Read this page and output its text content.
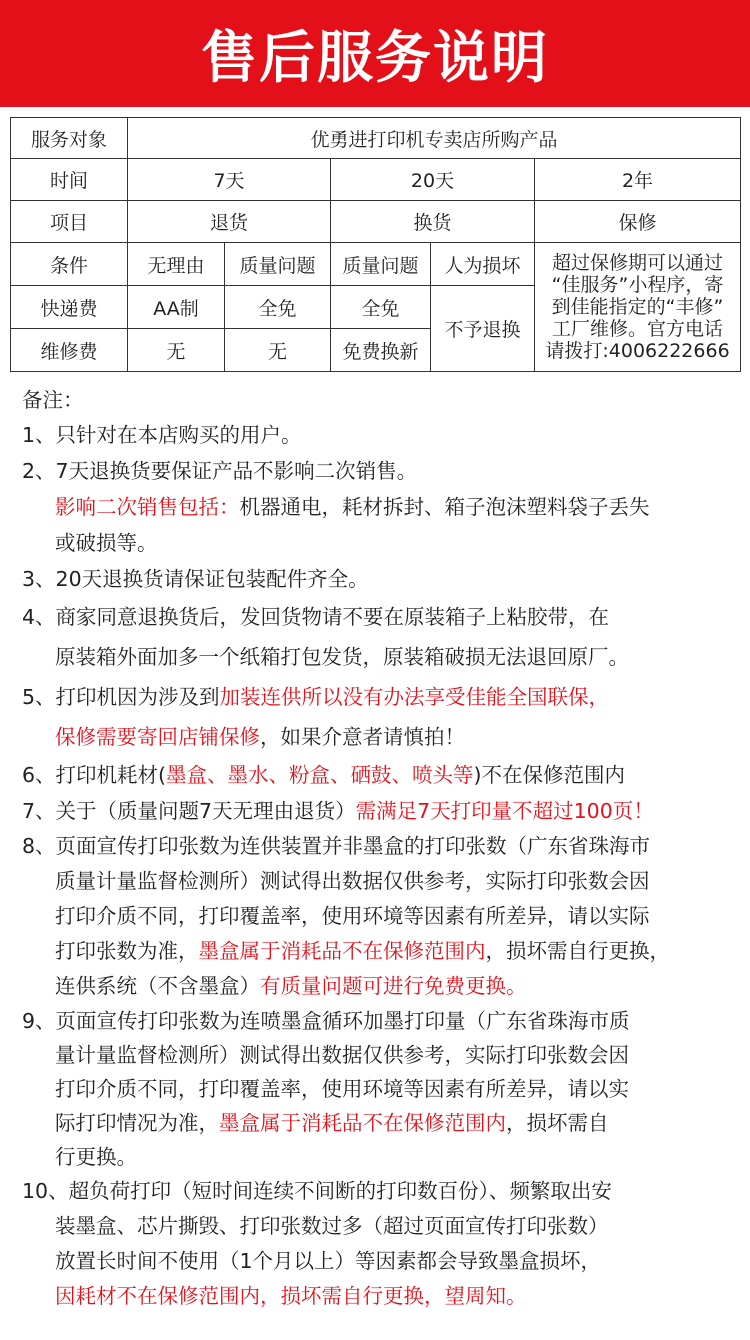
售后服务说明
服务对象	优勇进打印机专卖店所购产品				
时间	7天		20天		2年
项目	退货		换货		保修
条件	无理由	质量问题	质量问题	人为损坏	超过保修期可以通过
“佳服务”小程序，寄
到佳能指定的“丰修”
工厂维修。官方电话
请拨打:4006222666

快递费	AA制	全免	全免	不予退换	
维修费	无	无	免费换新		
备注：

1、只针对在本店购买的用户。

2、7天退换货要保证产品不影响二次销售。

影响二次销售包括：机器通电，耗材拆封、箱子泡沫塑料袋子丢失

或破损等。

3、20天退换货请保证包装配件齐全。

4、商家同意退换货后，发回货物请不要在原装箱子上粘胶带，在

原装箱外面加多一个纸箱打包发货，原装箱破损无法退回原厂。

5、打印机因为涉及到加装连供所以没有办法享受佳能全国联保，

保修需要寄回店铺保修，如果介意者请慎拍！

6、打印机耗材(墨盒、墨水、粉盒、硒鼓、喷头等)不在保修范围内

7、关于（质量问题7天无理由退货）需满足7天打印量不超过100页！

8、页面宣传打印张数为连供装置并非墨盒的打印张数（广东省珠海市

质量计量监督检测所）测试得出数据仅供参考，实际打印张数会因

打印介质不同，打印覆盖率，使用环境等因素有所差异，请以实际

打印张数为准，墨盒属于消耗品不在保修范围内，损坏需自行更换，

连供系统（不含墨盒）有质量问题可进行免费更换。

9、页面宣传打印张数为连喷墨盒循环加墨打印量（广东省珠海市质

量计量监督检测所）测试得出数据仅供参考，实际打印张数会因

打印介质不同，打印覆盖率，使用环境等因素有所差异，请以实

际打印情况为准，墨盒属于消耗品不在保修范围内，损坏需自

行更换。

10、超负荷打印（短时间连续不间断的打印数百份）、频繁取出安

装墨盒、芯片撕毁、打印张数过多（超过页面宣传打印张数）

放置长时间不使用（1个月以上）等因素都会导致墨盒损坏，

因耗材不在保修范围内，损坏需自行更换，望周知。
